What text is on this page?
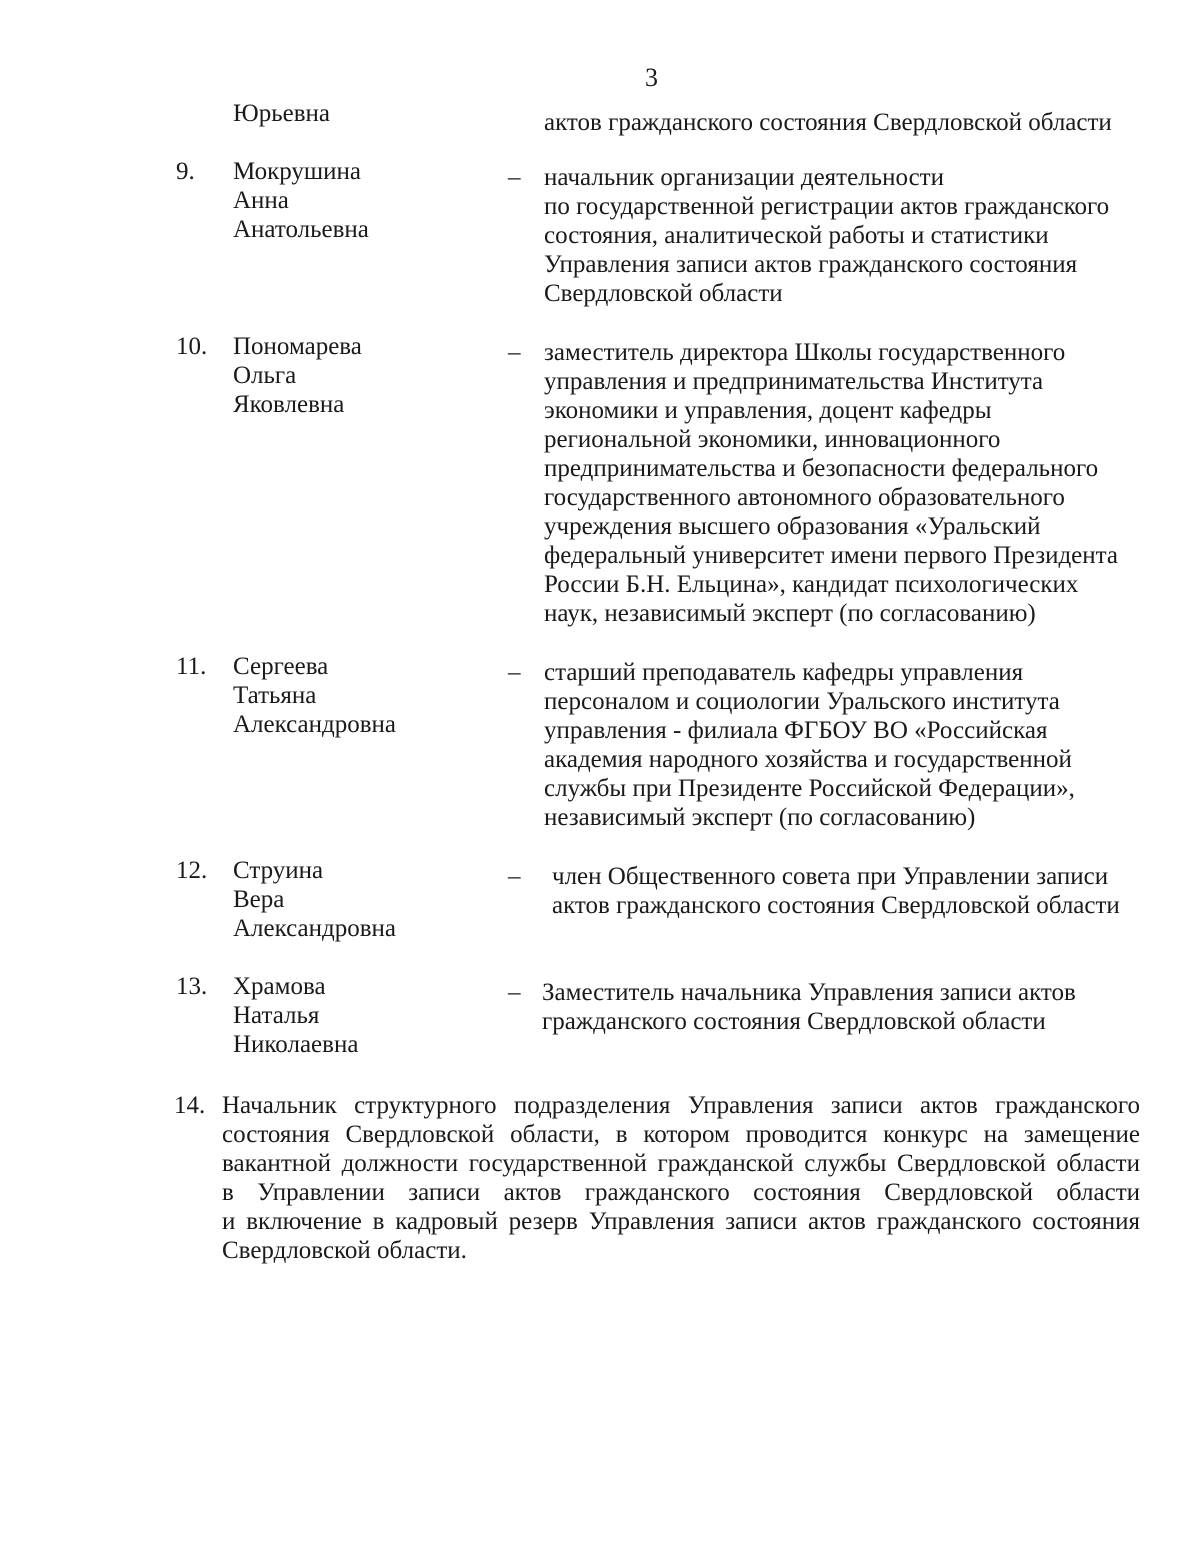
3
Юрьевна	актов гражданского состояния Свердловской области
9. Мокрушина
Анна
Анатольевна
– начальник организации деятельности
по государственной регистрации актов гражданского
состояния, аналитической работы и статистики
Управления записи актов гражданского состояния
Свердловской области
10. Пономарева
Ольга
Яковлевна
– заместитель директора Школы государственного
управления и предпринимательства Института
экономики и управления, доцент кафедры
региональной экономики, инновационного
предпринимательства и безопасности федерального
государственного автономного образовательного
учреждения высшего образования «Уральский
федеральный университет имени первого Президента
России Б.Н. Ельцина», кандидат психологических
наук, независимый эксперт (по согласованию)
11. Сергеева
Татьяна
Александровна
– старший преподаватель кафедры управления
персоналом и социологии Уральского института
управления - филиала ФГБОУ ВО «Российская
академия народного хозяйства и государственной
службы при Президенте Российской Федерации»,
независимый эксперт (по согласованию)
12. Струина
Вера
Александровна
– член Общественного совета при Управлении записи
актов гражданского состояния Свердловской области
13. Храмова
Наталья
Николаевна
– Заместитель начальника Управления записи актов
гражданского состояния Свердловской области
14. Начальник структурного подразделения Управления записи актов гражданского
состояния Свердловской области, в котором проводится конкурс на замещение
вакантной должности государственной гражданской службы Свердловской области
в Управлении записи актов гражданского состояния Свердловской области
и включение в кадровый резерв Управления записи актов гражданского состояния
Свердловской области.
